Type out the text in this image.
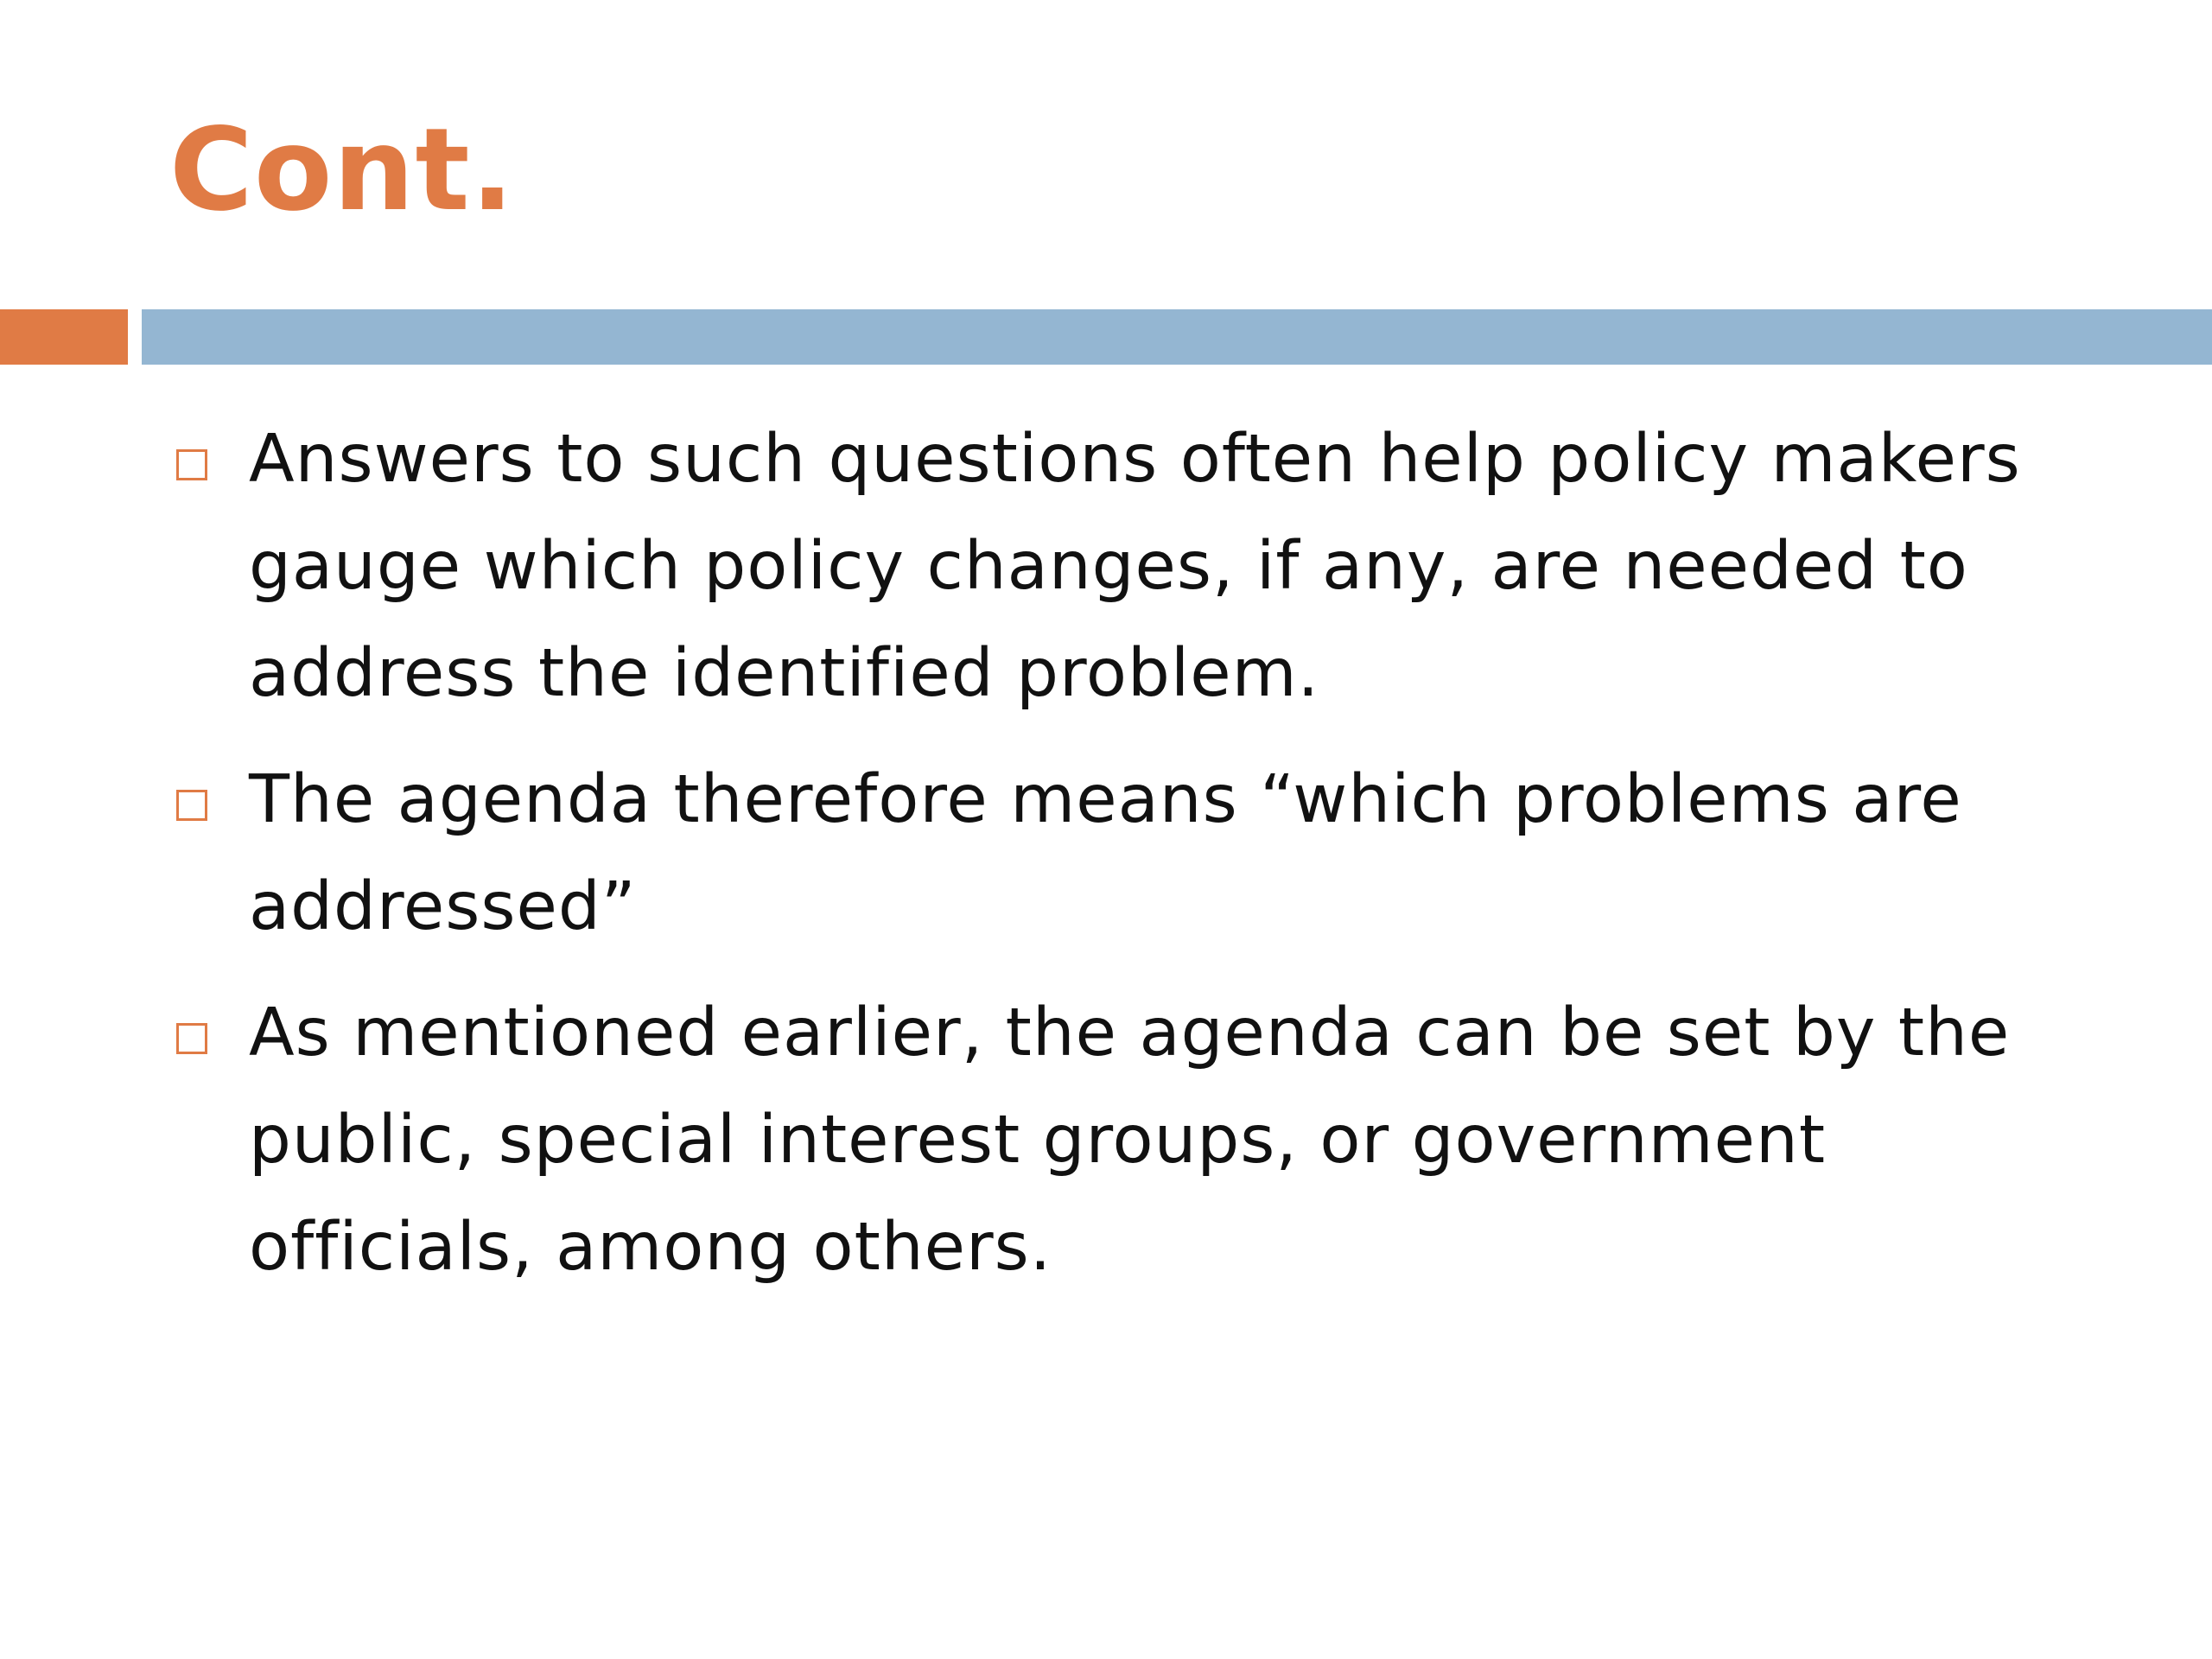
Cont.
Answers to such questions often help policy makers gauge which policy changes, if any, are needed to address the identified problem.
The agenda therefore means “which problems are addressed”
As mentioned earlier, the agenda can be set by the public, special interest groups, or government officials, among others.
